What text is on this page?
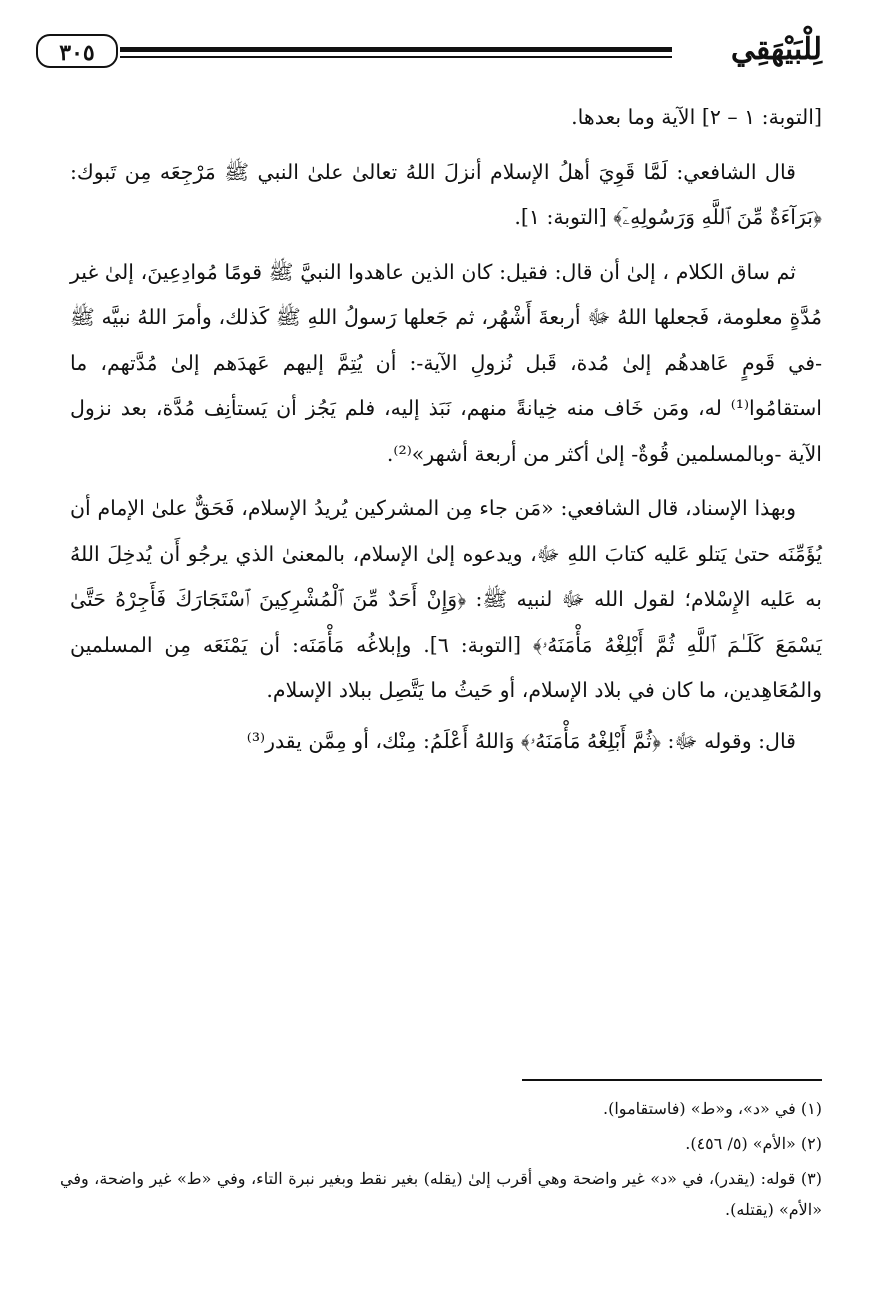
لِلْبَيْهَقِي
٣٠٥

[التوبة: ١ – ٢] الآية وما بعدها.

قال الشافعي: لَمَّا قَوِيَ أهلُ الإسلام أنزلَ اللهُ تعالىٰ علىٰ النبي ﷺ مَرْجِعَه مِن تَبوك: ﴿بَرَآءَةٌ مِّنَ ٱللَّهِ وَرَسُولِهِۦٓ﴾ [التوبة: ١].

ثم ساق الكلام ، إلىٰ أن قال: فقيل: كان الذين عاهدوا النبيَّ ﷺ قومًا مُوادِعِينَ، إلىٰ غير مُدَّةٍ معلومة، فَجعلها اللهُ ﷻ أربعةَ أَشْهُر، ثم جَعلها رَسولُ اللهِ ﷺ كَذلك، وأمرَ اللهُ نبيَّه ﷺ -في قَومٍ عَاهدهُم إلىٰ مُدة، قَبل نُزولِ الآية-: أن يُتِمَّ إليهم عَهدَهم إلىٰ مُدَّتهم، ما استقامُوا⁽¹⁾ له، ومَن خَاف منه خِيانةً منهم، نَبَذ إليه، فلم يَجُز أن يَستأنِف مُدَّة، بعد نزول الآية -وبالمسلمين قُوةٌ- إلىٰ أكثر من أربعة أشهر»⁽²⁾.

وبهذا الإسناد، قال الشافعي: «مَن جاء مِن المشركين يُريدُ الإسلام، فَحَقٌّ علىٰ الإمام أن يُؤَمِّنَه حتىٰ يَتلو عَليه كتابَ اللهِ ﷻ، ويدعوه إلىٰ الإسلام، بالمعنىٰ الذي يرجُو أَن يُدخِلَ اللهُ به عَليه الإِسْلام؛ لقول الله ﷻ لنبيه ﷺ: ﴿وَإِنْ أَحَدٌ مِّنَ ٱلْمُشْرِكِينَ ٱسْتَجَارَكَ فَأَجِرْهُ حَتَّىٰ يَسْمَعَ كَلَـٰمَ ٱللَّهِ ثُمَّ أَبْلِغْهُ مَأْمَنَهُۥ﴾ [التوبة: ٦]. وإبلاغُه مَأْمَنَه: أن يَمْنَعَه مِن المسلمين والمُعَاهِدين، ما كان في بلاد الإسلام، أو حَيثُ ما يَتَّصِل ببلاد الإسلام.

قال: وقوله ﷻ: ﴿ثُمَّ أَبْلِغْهُ مَأْمَنَهُۥ﴾ وَاللهُ أَعْلَمُ: مِنْك، أو مِمَّن يقدر⁽³⁾

(١) في «د»، و«ط» (فاستقاموا).

(٢) «الأم» (٥/ ٤٥٦).

(٣) قوله: (يقدر)، في «د» غير واضحة وهي أقرب إلىٰ (يقله) بغير نقط وبغير نبرة التاء، وفي «ط» غير واضحة، وفي «الأم» (يقتله).
